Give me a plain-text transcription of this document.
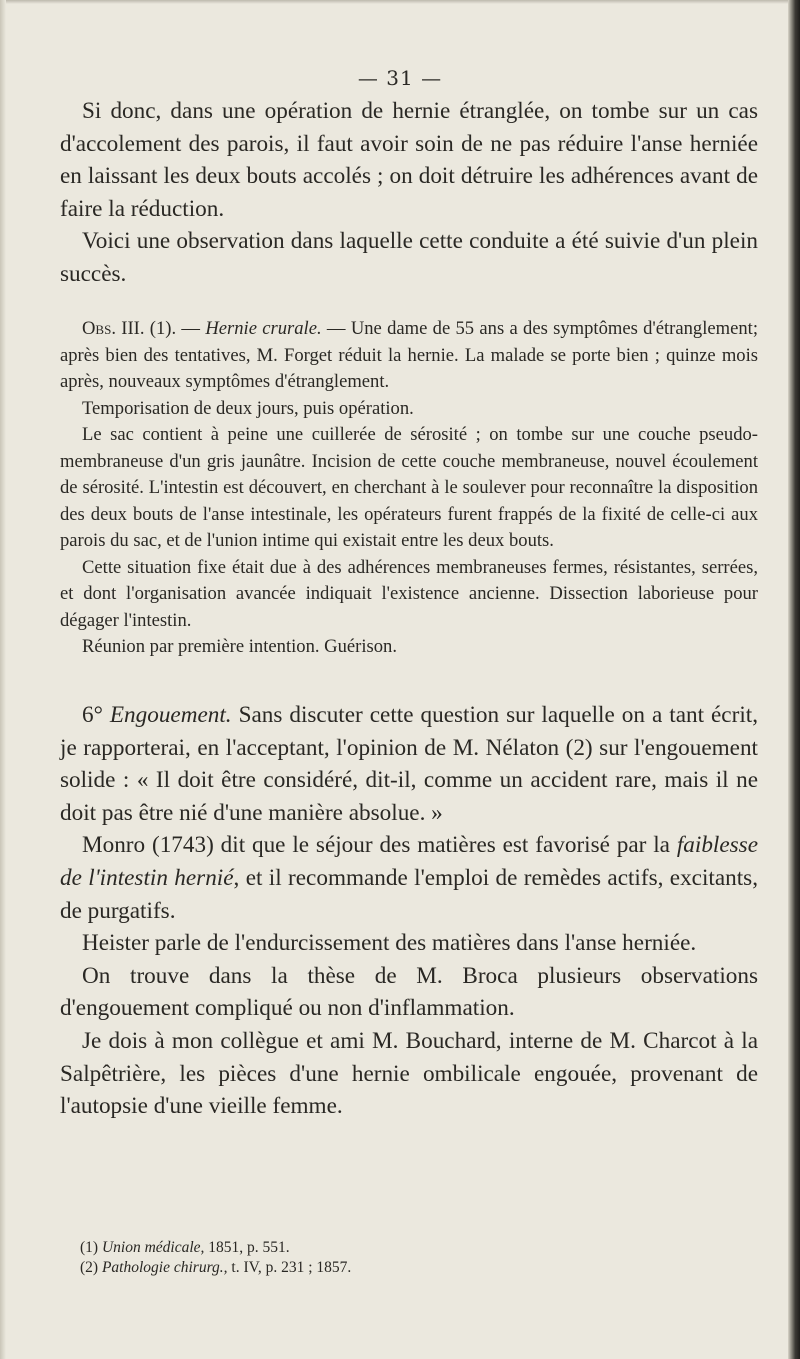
— 31 —

Si donc, dans une opération de hernie étranglée, on tombe sur un cas d'accolement des parois, il faut avoir soin de ne pas réduire l'anse herniée en laissant les deux bouts accolés ; on doit détruire les adhérences avant de faire la réduction.

Voici une observation dans laquelle cette conduite a été suivie d'un plein succès.

Obs. III. (1). — Hernie crurale. — Une dame de 55 ans a des symptômes d'étranglement; après bien des tentatives, M. Forget réduit la hernie. La malade se porte bien ; quinze mois après, nouveaux symptômes d'étranglement.

Temporisation de deux jours, puis opération.

Le sac contient à peine une cuillerée de sérosité ; on tombe sur une couche pseudo-membraneuse d'un gris jaunâtre. Incision de cette couche membraneuse, nouvel écoulement de sérosité. L'intestin est découvert, en cherchant à le soulever pour reconnaître la disposition des deux bouts de l'anse intestinale, les opérateurs furent frappés de la fixité de celle-ci aux parois du sac, et de l'union intime qui existait entre les deux bouts.

Cette situation fixe était due à des adhérences membraneuses fermes, résistantes, serrées, et dont l'organisation avancée indiquait l'existence ancienne. Dissection laborieuse pour dégager l'intestin.

Réunion par première intention. Guérison.

6° Engouement. Sans discuter cette question sur laquelle on a tant écrit, je rapporterai, en l'acceptant, l'opinion de M. Nélaton (2) sur l'engouement solide : « Il doit être considéré, dit-il, comme un accident rare, mais il ne doit pas être nié d'une manière absolue. »

Monro (1743) dit que le séjour des matières est favorisé par la faiblesse de l'intestin hernié, et il recommande l'emploi de remèdes actifs, excitants, de purgatifs.

Heister parle de l'endurcissement des matières dans l'anse herniée.

On trouve dans la thèse de M. Broca plusieurs observations d'engouement compliqué ou non d'inflammation.

Je dois à mon collègue et ami M. Bouchard, interne de M. Charcot à la Salpêtrière, les pièces d'une hernie ombilicale engouée, provenant de l'autopsie d'une vieille femme.

(1) Union médicale, 1851, p. 551.

(2) Pathologie chirurg., t. IV, p. 231 ; 1857.
